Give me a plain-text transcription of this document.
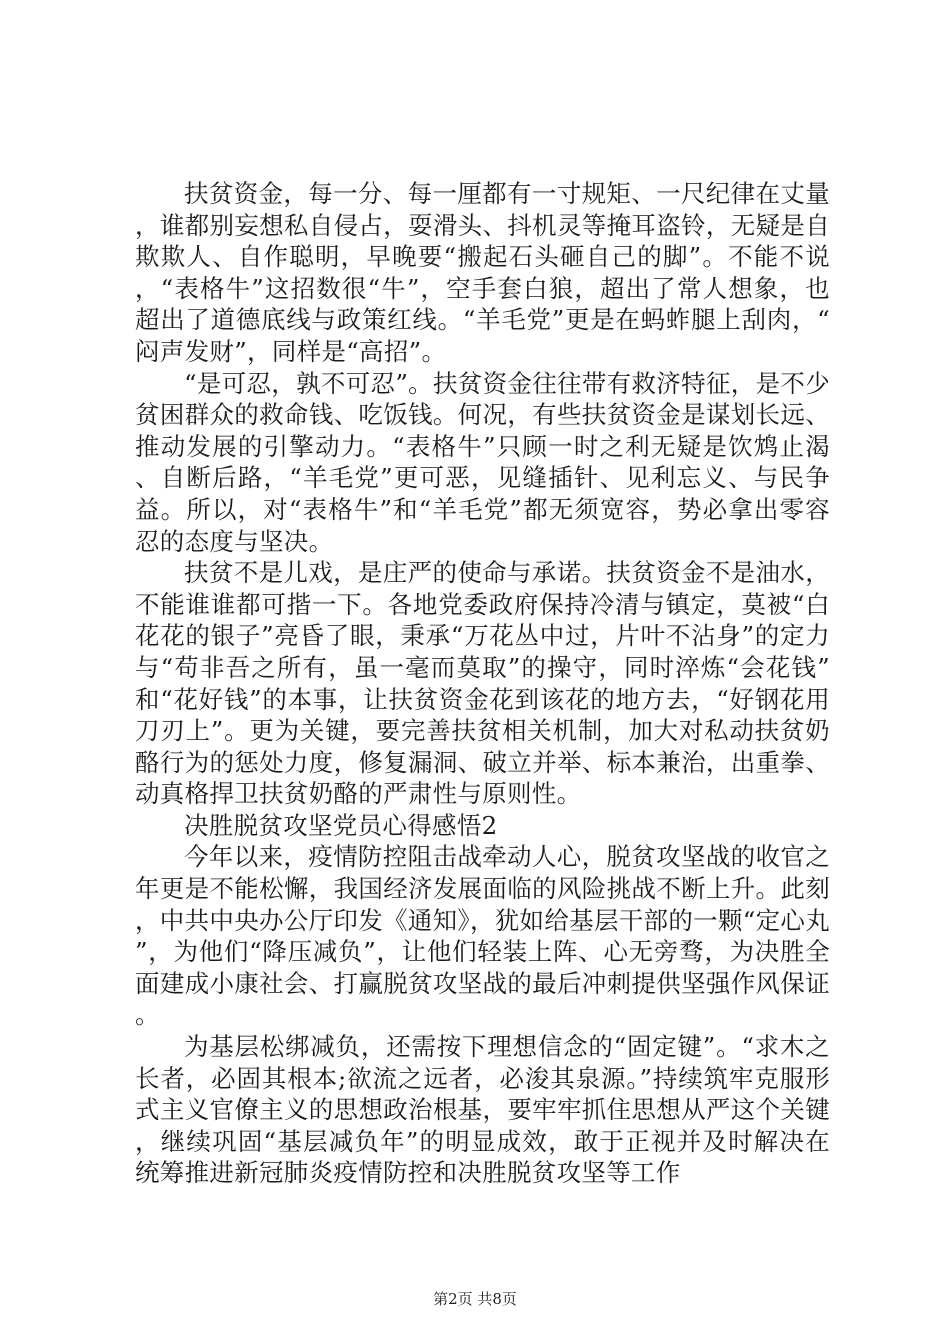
扶贫资金，每一分、每一厘都有一寸规矩、一尺纪律在丈量，谁都别妄想私自侵占，耍滑头、抖机灵等掩耳盗铃，无疑是自欺欺人、自作聪明，早晚要“搬起石头砸自己的脚”。不能不说，“表格牛”这招数很“牛”，空手套白狼，超出了常人想象，也超出了道德底线与政策红线。“羊毛党”更是在蚂蚱腿上刮肉，“闷声发财”，同样是“高招”。

“是可忍，孰不可忍”。扶贫资金往往带有救济特征，是不少贫困群众的救命钱、吃饭钱。何况，有些扶贫资金是谋划长远、推动发展的引擎动力。“表格牛”只顾一时之利无疑是饮鸩止渴、自断后路，“羊毛党”更可恶，见缝插针、见利忘义、与民争益。所以，对“表格牛”和“羊毛党”都无须宽容，势必拿出零容忍的态度与坚决。

扶贫不是儿戏，是庄严的使命与承诺。扶贫资金不是油水，不能谁谁都可揩一下。各地党委政府保持冷清与镇定，莫被“白花花的银子”亮昏了眼，秉承“万花丛中过，片叶不沾身”的定力与“苟非吾之所有，虽一毫而莫取”的操守，同时淬炼“会花钱”和“花好钱”的本事，让扶贫资金花到该花的地方去，“好钢花用刀刃上”。更为关键，要完善扶贫相关机制，加大对私动扶贫奶酪行为的惩处力度，修复漏洞、破立并举、标本兼治，出重拳、动真格捍卫扶贫奶酪的严肃性与原则性。

决胜脱贫攻坚党员心得感悟2

今年以来，疫情防控阻击战牵动人心，脱贫攻坚战的收官之年更是不能松懈，我国经济发展面临的风险挑战不断上升。此刻，中共中央办公厅印发《通知》，犹如给基层干部的一颗“定心丸”，为他们“降压减负”，让他们轻装上阵、心无旁骛，为决胜全面建成小康社会、打赢脱贫攻坚战的最后冲刺提供坚强作风保证。

为基层松绑减负，还需按下理想信念的“固定键”。“求木之长者，必固其根本;欲流之远者，必浚其泉源。”持续筑牢克服形式主义官僚主义的思想政治根基，要牢牢抓住思想从严这个关键，继续巩固“基层减负年”的明显成效，敢于正视并及时解决在统筹推进新冠肺炎疫情防控和决胜脱贫攻坚等工作

第2页 共8页
